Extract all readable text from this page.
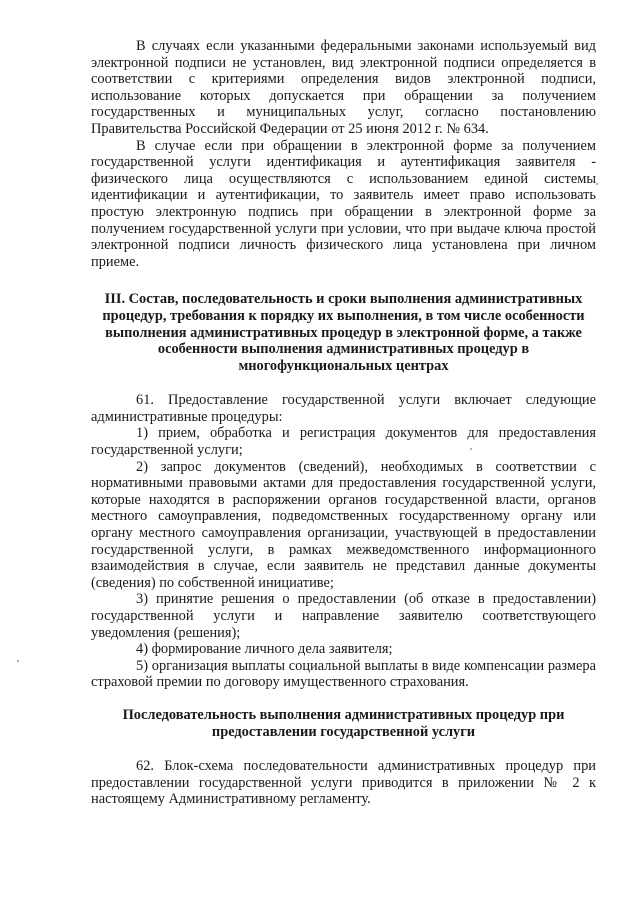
В случаях если указанными федеральными законами используемый вид электронной подписи не установлен, вид электронной подписи определяется в соответствии с критериями определения видов электронной подписи, использование которых допускается при обращении за получением государственных и муниципальных услуг, согласно постановлению Правительства Российской Федерации от 25 июня 2012 г. № 634.

В случае если при обращении в электронной форме за получением государственной услуги идентификация и аутентификация заявителя - физического лица осуществляются с использованием единой системы идентификации и аутентификации, то заявитель имеет право использовать простую электронную подпись при обращении в электронной форме за получением государственной услуги при условии, что при выдаче ключа простой электронной подписи личность физического лица установлена при личном приеме.

III. Состав, последовательность и сроки выполнения административных процедур, требования к порядку их выполнения, в том числе особенности выполнения административных процедур в электронной форме, а также особенности выполнения административных процедур в многофункциональных центрах

61. Предоставление государственной услуги включает следующие административные процедуры:

1) прием, обработка и регистрация документов для предоставления государственной услуги;

2) запрос документов (сведений), необходимых в соответствии с нормативными правовыми актами для предоставления государственной услуги, которые находятся в распоряжении органов государственной власти, органов местного самоуправления, подведомственных государственному органу или органу местного самоуправления организации, участвующей в предоставлении государственной услуги, в рамках межведомственного информационного взаимодействия в случае, если заявитель не представил данные документы (сведения) по собственной инициативе;

3) принятие решения о предоставлении (об отказе в предоставлении) государственной услуги и направление заявителю соответствующего уведомления (решения);

4) формирование личного дела заявителя;

5) организация выплаты социальной выплаты в виде компенсации размера страховой премии по договору имущественного страхования.

Последовательность выполнения административных процедур при предоставлении государственной услуги

62. Блок-схема последовательности административных процедур при предоставлении государственной услуги приводится в приложении № 2 к настоящему Административному регламенту.
